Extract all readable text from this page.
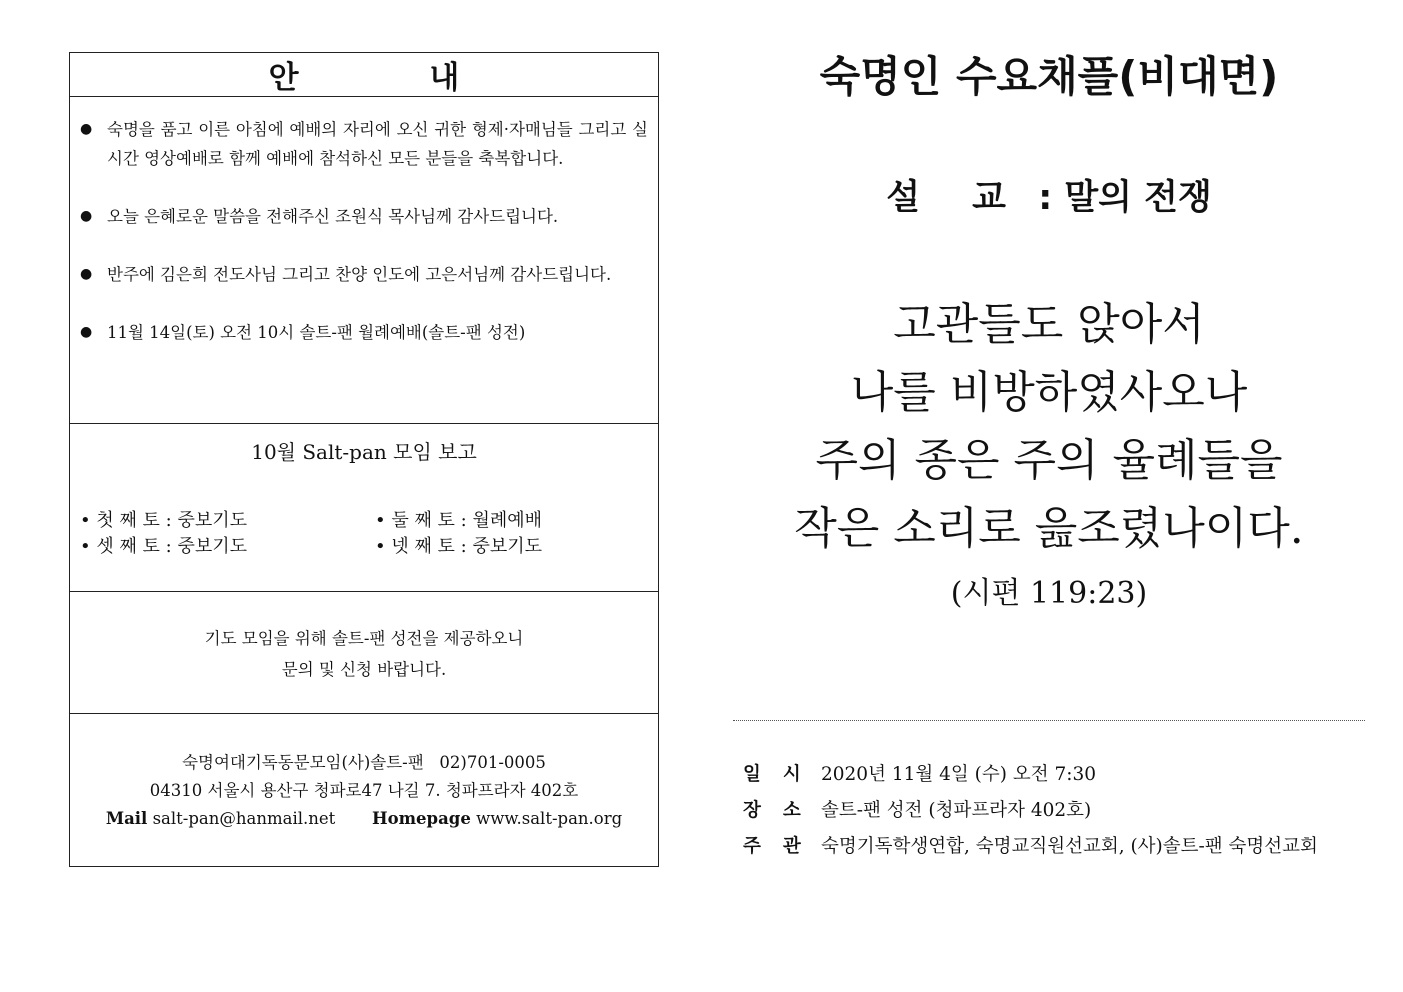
안 내
● 숙명을 품고 이른 아침에 예배의 자리에 오신 귀한 형제·자매님들 그리고 실시간 영상예배로 함께 예배에 참석하신 모든 분들을 축복합니다.
● 오늘 은혜로운 말씀을 전해주신 조원식 목사님께 감사드립니다.
● 반주에 김은희 전도사님 그리고 찬양 인도에 고은서님께 감사드립니다.
● 11월 14일(토) 오전 10시 솔트-팬 월례예배(솔트-팬 성전)
10월 Salt-pan 모임 보고
• 첫 째 토 : 중보기도	• 둘 째 토 : 월례예배
• 셋 째 토 : 중보기도	• 넷 째 토 : 중보기도
기도 모임을 위해 솔트-팬 성전을 제공하오니
문의 및 신청 바랍니다.
숙명여대기독동문모임(사)솔트-팬   02)701-0005
04310 서울시 용산구 청파로47 나길 7. 청파프라자 402호
Mail salt-pan@hanmail.net Homepage www.salt-pan.org
숙명인 수요채플(비대면)
설 교 : 말의 전쟁
고관들도 앉아서
나를 비방하였사오나
주의 종은 주의 율례들을
작은 소리로 읊조렸나이다.
(시편 119:23)
일시
2020년 11월 4일 (수) 오전 7:30
장소
솔트-팬 성전 (청파프라자 402호)
주관
숙명기독학생연합, 숙명교직원선교회, (사)솔트-팬 숙명선교회
